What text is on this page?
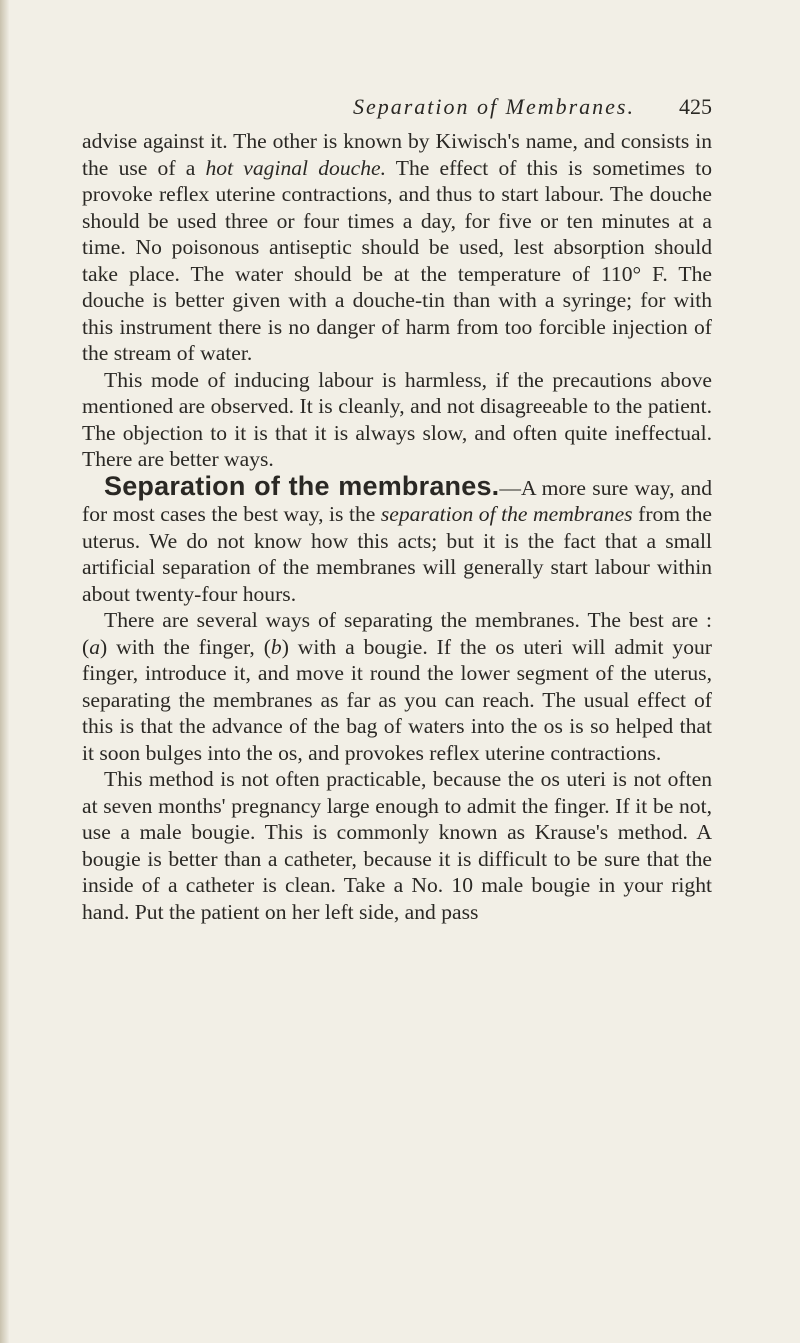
Separation of Membranes. 425

advise against it. The other is known by Kiwisch's name, and consists in the use of a hot vaginal douche. The effect of this is sometimes to provoke reflex uterine contractions, and thus to start labour. The douche should be used three or four times a day, for five or ten minutes at a time. No poisonous antiseptic should be used, lest absorption should take place. The water should be at the temperature of 110° F. The douche is better given with a douche-tin than with a syringe; for with this instrument there is no danger of harm from too forcible injection of the stream of water.

This mode of inducing labour is harmless, if the precautions above mentioned are observed. It is cleanly, and not disagreeable to the patient. The objection to it is that it is always slow, and often quite ineffectual. There are better ways.

Separation of the membranes.—A more sure way, and for most cases the best way, is the separation of the membranes from the uterus. We do not know how this acts; but it is the fact that a small artificial separation of the membranes will generally start labour within about twenty-four hours.

There are several ways of separating the membranes. The best are : (a) with the finger, (b) with a bougie. If the os uteri will admit your finger, introduce it, and move it round the lower segment of the uterus, separating the membranes as far as you can reach. The usual effect of this is that the advance of the bag of waters into the os is so helped that it soon bulges into the os, and provokes reflex uterine contractions.

This method is not often practicable, because the os uteri is not often at seven months' pregnancy large enough to admit the finger. If it be not, use a male bougie. This is commonly known as Krause's method. A bougie is better than a catheter, because it is difficult to be sure that the inside of a catheter is clean. Take a No. 10 male bougie in your right hand. Put the patient on her left side, and pass
